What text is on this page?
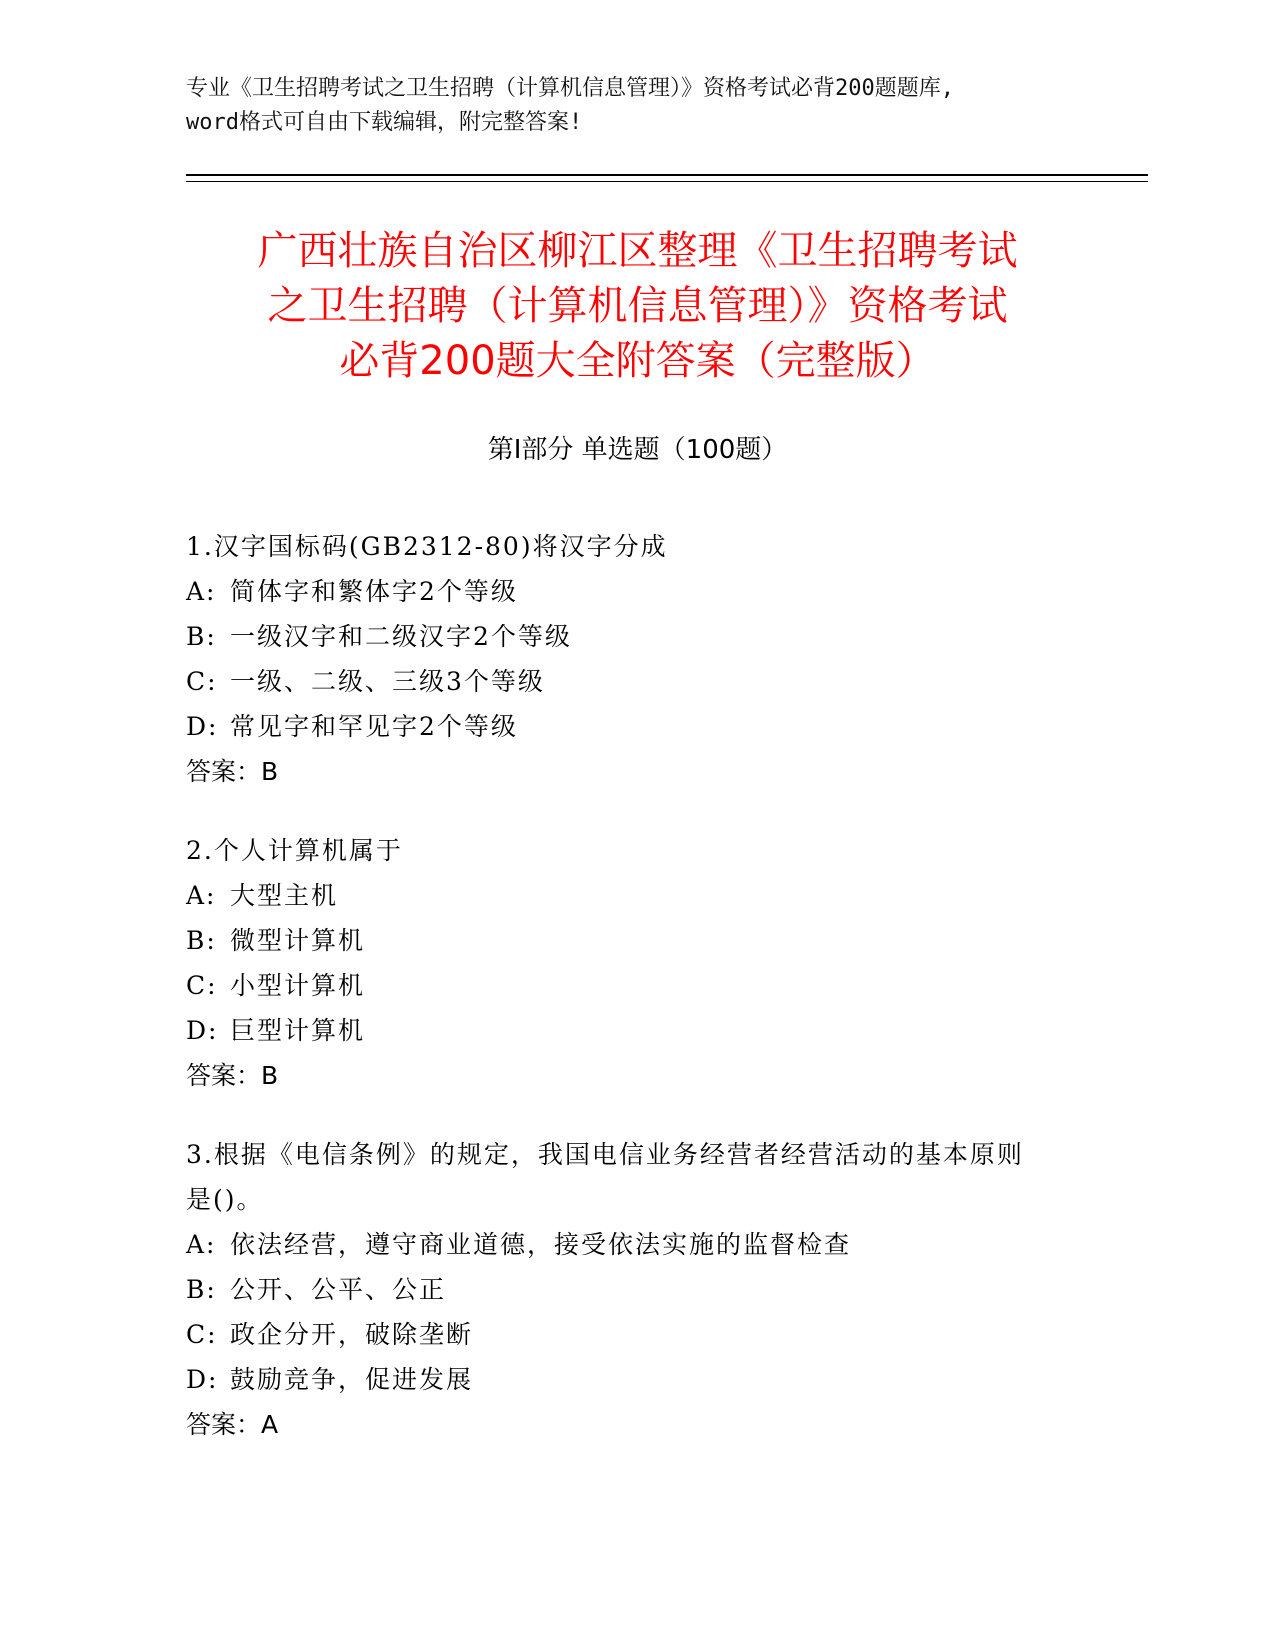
专业《卫生招聘考试之卫生招聘（计算机信息管理）》资格考试必背200题题库,

word格式可自由下载编辑，附完整答案!

广西壮族自治区柳江区整理《卫生招聘考试
之卫生招聘（计算机信息管理）》资格考试
必背200题大全附答案（完整版）
第Ⅰ部分 单选题（100题）
1.汉字国标码(GB2312-80)将汉字分成
A: 简体字和繁体字2个等级
B: 一级汉字和二级汉字2个等级
C: 一级、二级、三级3个等级
D: 常见字和罕见字2个等级
答案：B
2.个人计算机属于
A: 大型主机
B: 微型计算机
C: 小型计算机
D: 巨型计算机
答案：B
3.根据《电信条例》的规定，我国电信业务经营者经营活动的基本原则是()。
A: 依法经营，遵守商业道德，接受依法实施的监督检查
B: 公开、公平、公正
C: 政企分开，破除垄断
D: 鼓励竞争，促进发展
答案：A
